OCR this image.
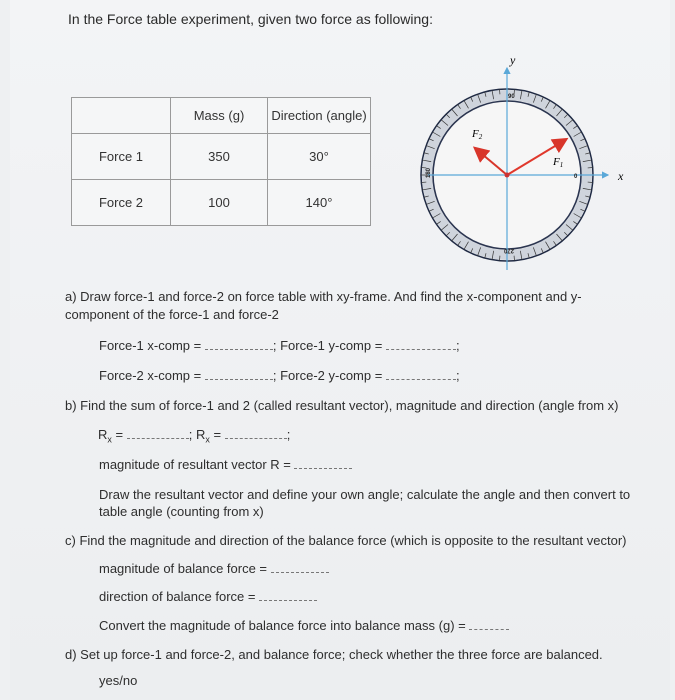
In the Force table experiment, given two force as following:
	Mass (g)	Direction (angle)
Force 1	350	30°
Force 2	100	140°
y
x
F1
F2
90
180	0
270
a) Draw force-1 and force-2 on force table with xy-frame. And find the x-component and y-
component of the force-1 and force-2
Force-1 x-comp =	; Force-1 y-comp =	;
Force-2 x-comp =	; Force-2 y-comp =	;
b) Find the sum of force-1 and 2 (called resultant vector), magnitude and direction (angle from x)
$R_x$ =	; $R_x$ =	;
magnitude of resultant vector R =
Draw the resultant vector and define your own angle; calculate the angle and then convert to
table angle (counting from x)
c) Find the magnitude and direction of the balance force (which is opposite to the resultant vector)
magnitude of balance force =
direction of balance force =
Convert the magnitude of balance force into balance mass (g) =
d) Set up force-1 and force-2, and balance force; check whether the three force are balanced.
yes/no
